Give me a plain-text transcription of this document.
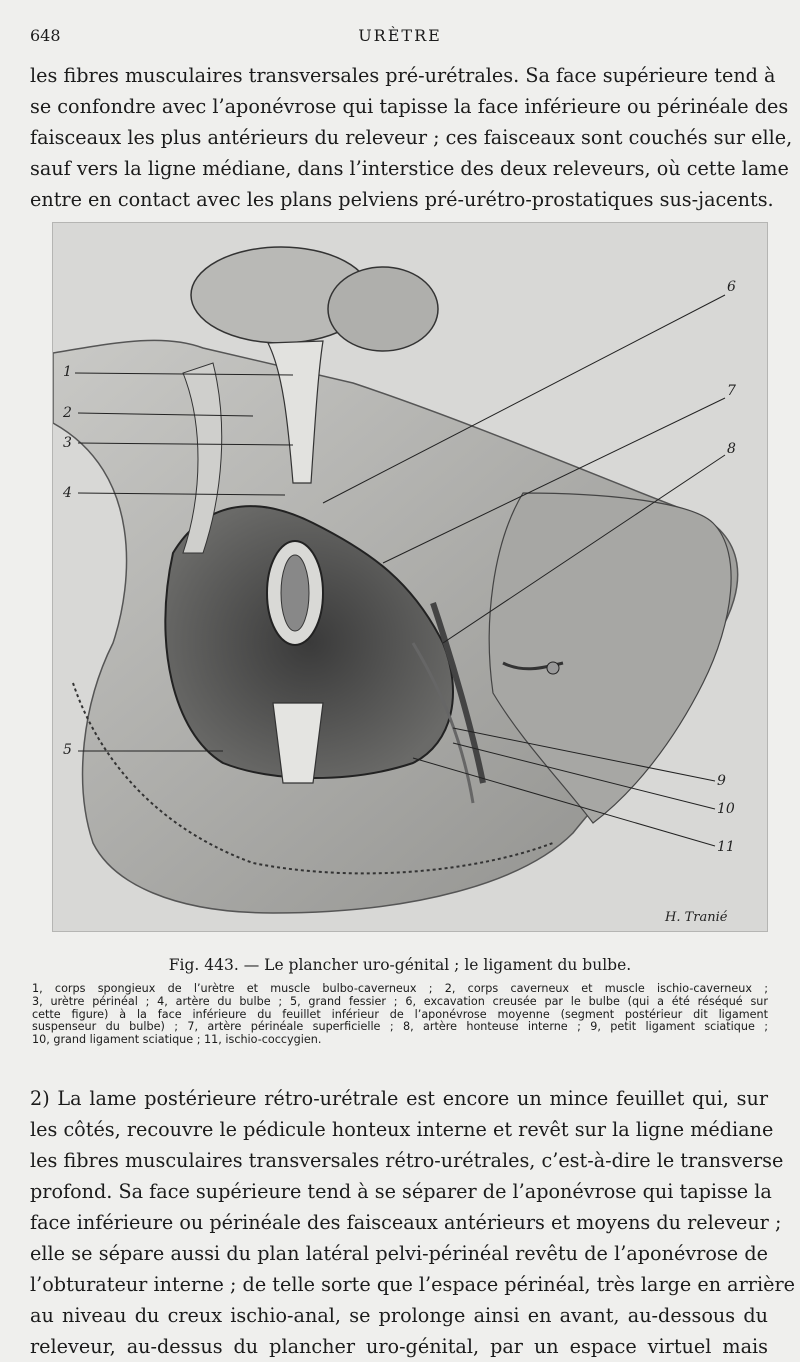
648	URÈTRE
les fibres musculaires transversales pré-urétrales. Sa face supérieure tend à
se confondre avec l’aponévrose qui tapisse la face inférieure ou périnéale des
faisceaux les plus antérieurs du releveur ; ces faisceaux sont couchés sur elle,
sauf vers la ligne médiane, dans l’interstice des deux releveurs, où cette lame
entre en contact avec les plans pelviens pré-urétro-prostatiques sus-jacents.
1
2
3
4
5
6
7
8
9
10
11
H. Tranié
Fig. 443. — Le plancher uro-génital ; le ligament du bulbe.
1, corps spongieux de l’urètre et muscle bulbo-caverneux ; 2, corps caverneux et muscle ischio-caverneux ;
3, urètre périnéal ; 4, artère du bulbe ; 5, grand fessier ; 6, excavation creusée par le bulbe (qui a été réséqué sur
cette figure) à la face inférieure du feuillet inférieur de l’aponévrose moyenne (segment postérieur dit ligament
suspenseur du bulbe) ; 7, artère périnéale superficielle ; 8, artère honteuse interne ; 9, petit ligament sciatique ;
10, grand ligament sciatique ; 11, ischio-coccygien.
2) La lame postérieure rétro-urétrale est encore un mince feuillet qui, sur
les côtés, recouvre le pédicule honteux interne et revêt sur la ligne médiane
les fibres musculaires transversales rétro-urétrales, c’est-à-dire le transverse
profond. Sa face supérieure tend à se séparer de l’aponévrose qui tapisse la
face inférieure ou périnéale des faisceaux antérieurs et moyens du releveur ;
elle se sépare aussi du plan latéral pelvi-périnéal revêtu de l’aponévrose de
l’obturateur interne ; de telle sorte que l’espace périnéal, très large en arrière
au niveau du creux ischio-anal, se prolonge ainsi en avant, au-dessous du
releveur, au-dessus du plancher uro-génital, par un espace virtuel mais
